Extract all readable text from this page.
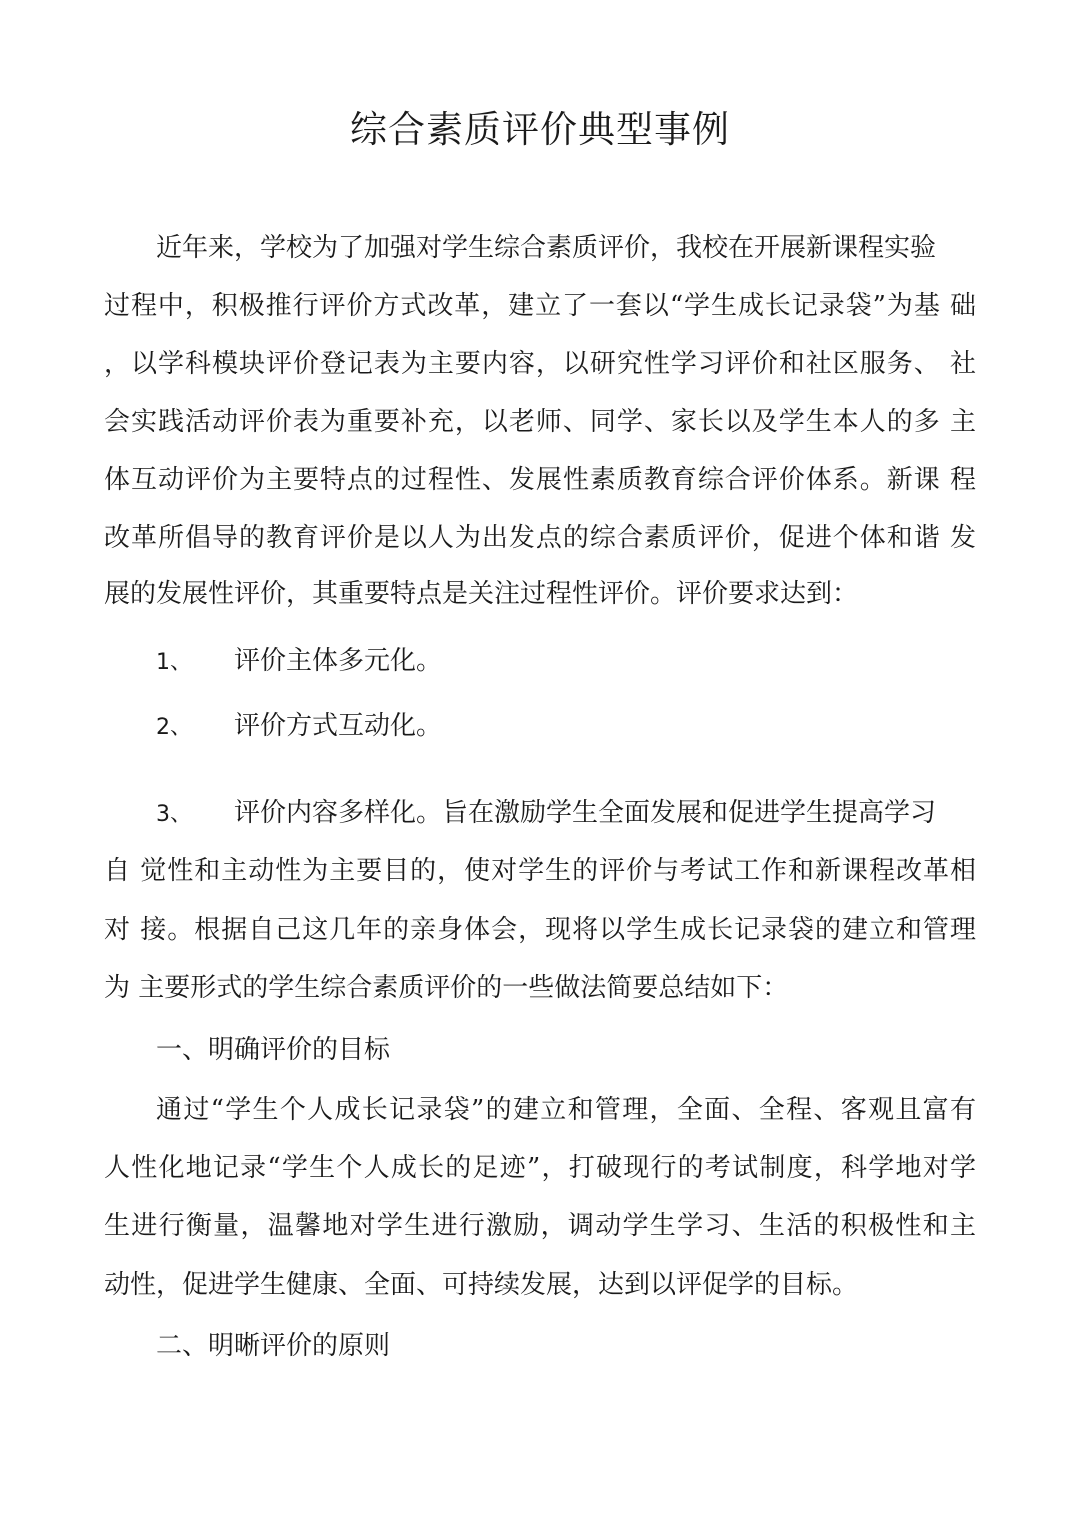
综合素质评价典型事例

近年来，学校为了加强对学生综合素质评价，我校在开展新课程实验

过程中，积极推行评价方式改革，建立了一套以“学生成长记录袋”为基 础

，以学科模块评价登记表为主要内容，以研究性学习评价和社区服务、 社

会实践活动评价表为重要补充，以老师、同学、家长以及学生本人的多 主

体互动评价为主要特点的过程性、发展性素质教育综合评价体系。新课 程

改革所倡导的教育评价是以人为出发点的综合素质评价，促进个体和谐 发

展的发展性评价，其重要特点是关注过程性评价。评价要求达到：

1、 评价主体多元化。

2、 评价方式互动化。

3、 评价内容多样化。旨在激励学生全面发展和促进学生提高学习

自 觉性和主动性为主要目的，使对学生的评价与考试工作和新课程改革相

对 接。根据自己这几年的亲身体会，现将以学生成长记录袋的建立和管理

为 主要形式的学生综合素质评价的一些做法简要总结如下：

一、明确评价的目标

通过“学生个人成长记录袋”的建立和管理，全面、全程、客观且富有

人性化地记录“学生个人成长的足迹”，打破现行的考试制度，科学地对学

生进行衡量，温馨地对学生进行激励，调动学生学习、生活的积极性和主

动性，促进学生健康、全面、可持续发展，达到以评促学的目标。

二、明晰评价的原则
